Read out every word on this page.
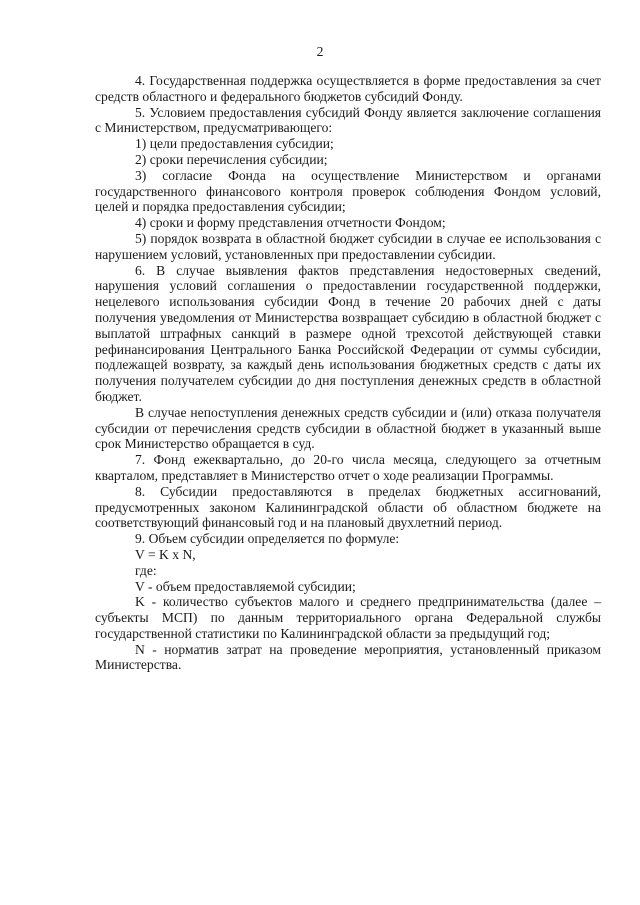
2

4. Государственная поддержка осуществляется в форме предоставления за счет средств областного и федерального бюджетов субсидий Фонду.

5. Условием предоставления субсидий Фонду является заключение соглашения с Министерством, предусматривающего:

1) цели предоставления субсидии;

2) сроки перечисления субсидии;

3) согласие Фонда на осуществление Министерством и органами государственного финансового контроля проверок соблюдения Фондом условий, целей и порядка предоставления субсидии;

4) сроки и форму представления отчетности Фондом;

5) порядок возврата в областной бюджет субсидии в случае ее использования с нарушением условий, установленных при предоставлении субсидии.

6. В случае выявления фактов представления недостоверных сведений, нарушения условий соглашения о предоставлении государственной поддержки, нецелевого использования субсидии Фонд в течение 20 рабочих дней с даты получения уведомления от Министерства возвращает субсидию в областной бюджет с выплатой штрафных санкций в размере одной трехсотой действующей ставки рефинансирования Центрального Банка Российской Федерации от суммы субсидии, подлежащей возврату, за каждый день использования бюджетных средств с даты их получения получателем субсидии до дня поступления денежных средств в областной бюджет.

В случае непоступления денежных средств субсидии и (или) отказа получателя субсидии от перечисления средств субсидии в областной бюджет в указанный выше срок Министерство обращается в суд.

7. Фонд ежеквартально, до 20-го числа месяца, следующего за отчетным кварталом, представляет в Министерство отчет о ходе реализации Программы.

8. Субсидии предоставляются в пределах бюджетных ассигнований, предусмотренных законом Калининградской области об областном бюджете на соответствующий финансовый год и на плановый двухлетний период.

9. Объем субсидии определяется по формуле:

V = K x N,

где:

V - объем предоставляемой субсидии;

K - количество субъектов малого и среднего предпринимательства (далее – субъекты МСП) по данным территориального органа Федеральной службы государственной статистики по Калининградской области за предыдущий год;

N - норматив затрат на проведение мероприятия, установленный приказом Министерства.
